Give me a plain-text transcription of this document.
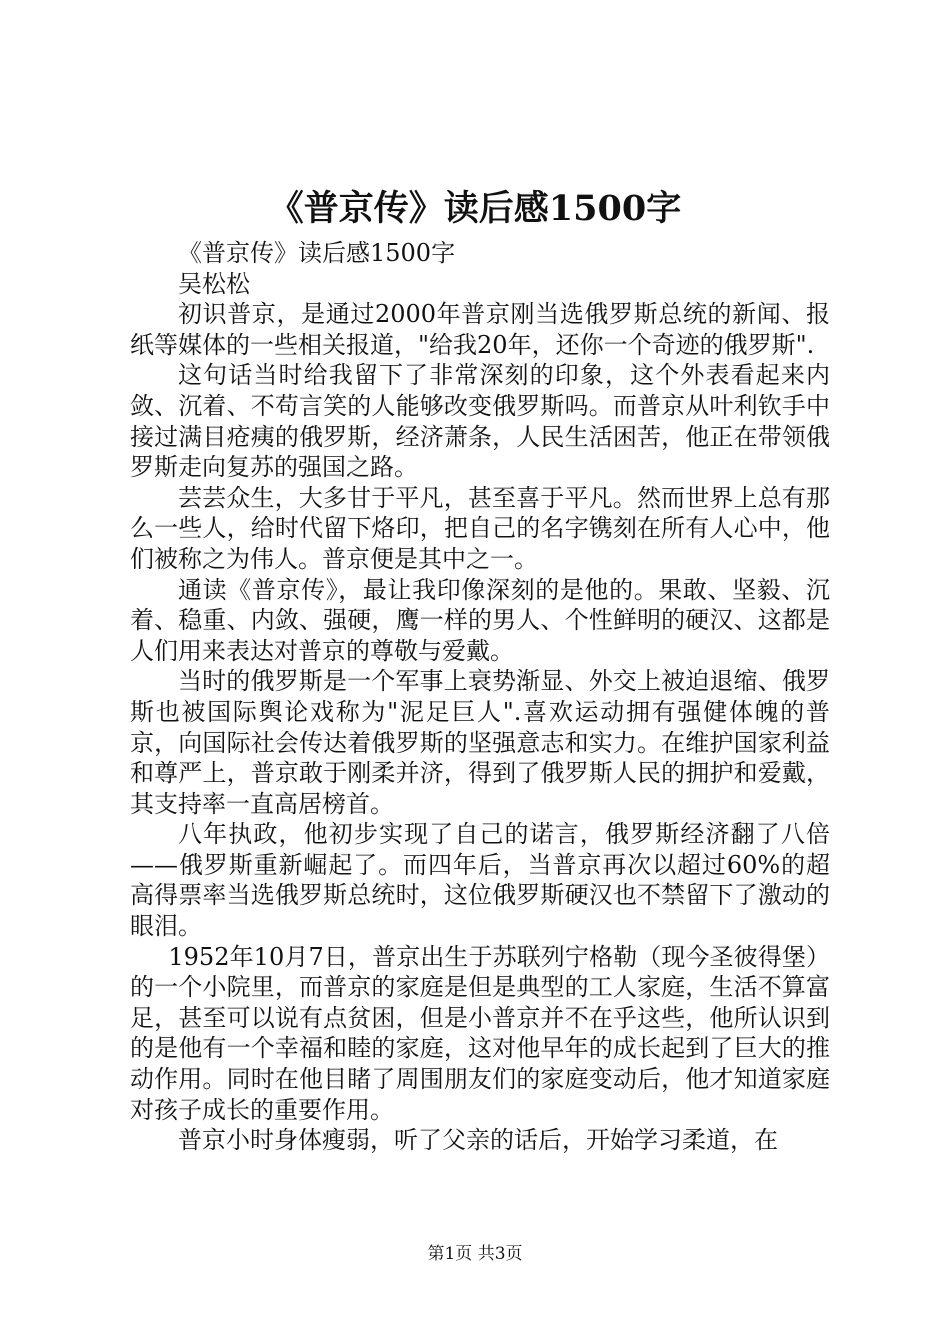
《普京传》读后感1500字

《普京传》读后感1500字

吴松松

初识普京，是通过2000年普京刚当选俄罗斯总统的新闻、报纸等媒体的一些相关报道，"给我20年，还你一个奇迹的俄罗斯".

这句话当时给我留下了非常深刻的印象，这个外表看起来内敛、沉着、不苟言笑的人能够改变俄罗斯吗。而普京从叶利钦手中接过满目疮痍的俄罗斯，经济萧条，人民生活困苦，他正在带领俄罗斯走向复苏的强国之路。

芸芸众生，大多甘于平凡，甚至喜于平凡。然而世界上总有那么一些人，给时代留下烙印，把自己的名字镌刻在所有人心中，他们被称之为伟人。普京便是其中之一。

通读《普京传》，最让我印像深刻的是他的。果敢、坚毅、沉着、稳重、内敛、强硬，鹰一样的男人、个性鲜明的硬汉、这都是人们用来表达对普京的尊敬与爱戴。

当时的俄罗斯是一个军事上衰势渐显、外交上被迫退缩、俄罗斯也被国际舆论戏称为"泥足巨人".喜欢运动拥有强健体魄的普京，向国际社会传达着俄罗斯的坚强意志和实力。在维护国家利益和尊严上，普京敢于刚柔并济，得到了俄罗斯人民的拥护和爱戴，其支持率一直高居榜首。

八年执政，他初步实现了自己的诺言，俄罗斯经济翻了八倍——俄罗斯重新崛起了。而四年后，当普京再次以超过60%的超高得票率当选俄罗斯总统时，这位俄罗斯硬汉也不禁留下了激动的眼泪。

1952年10月7日，普京出生于苏联列宁格勒（现今圣彼得堡）的一个小院里，而普京的家庭是但是典型的工人家庭，生活不算富足，甚至可以说有点贫困，但是小普京并不在乎这些，他所认识到的是他有一个幸福和睦的家庭，这对他早年的成长起到了巨大的推动作用。同时在他目睹了周围朋友们的家庭变动后，他才知道家庭对孩子成长的重要作用。

普京小时身体瘦弱，听了父亲的话后，开始学习柔道，在

第1页 共3页
